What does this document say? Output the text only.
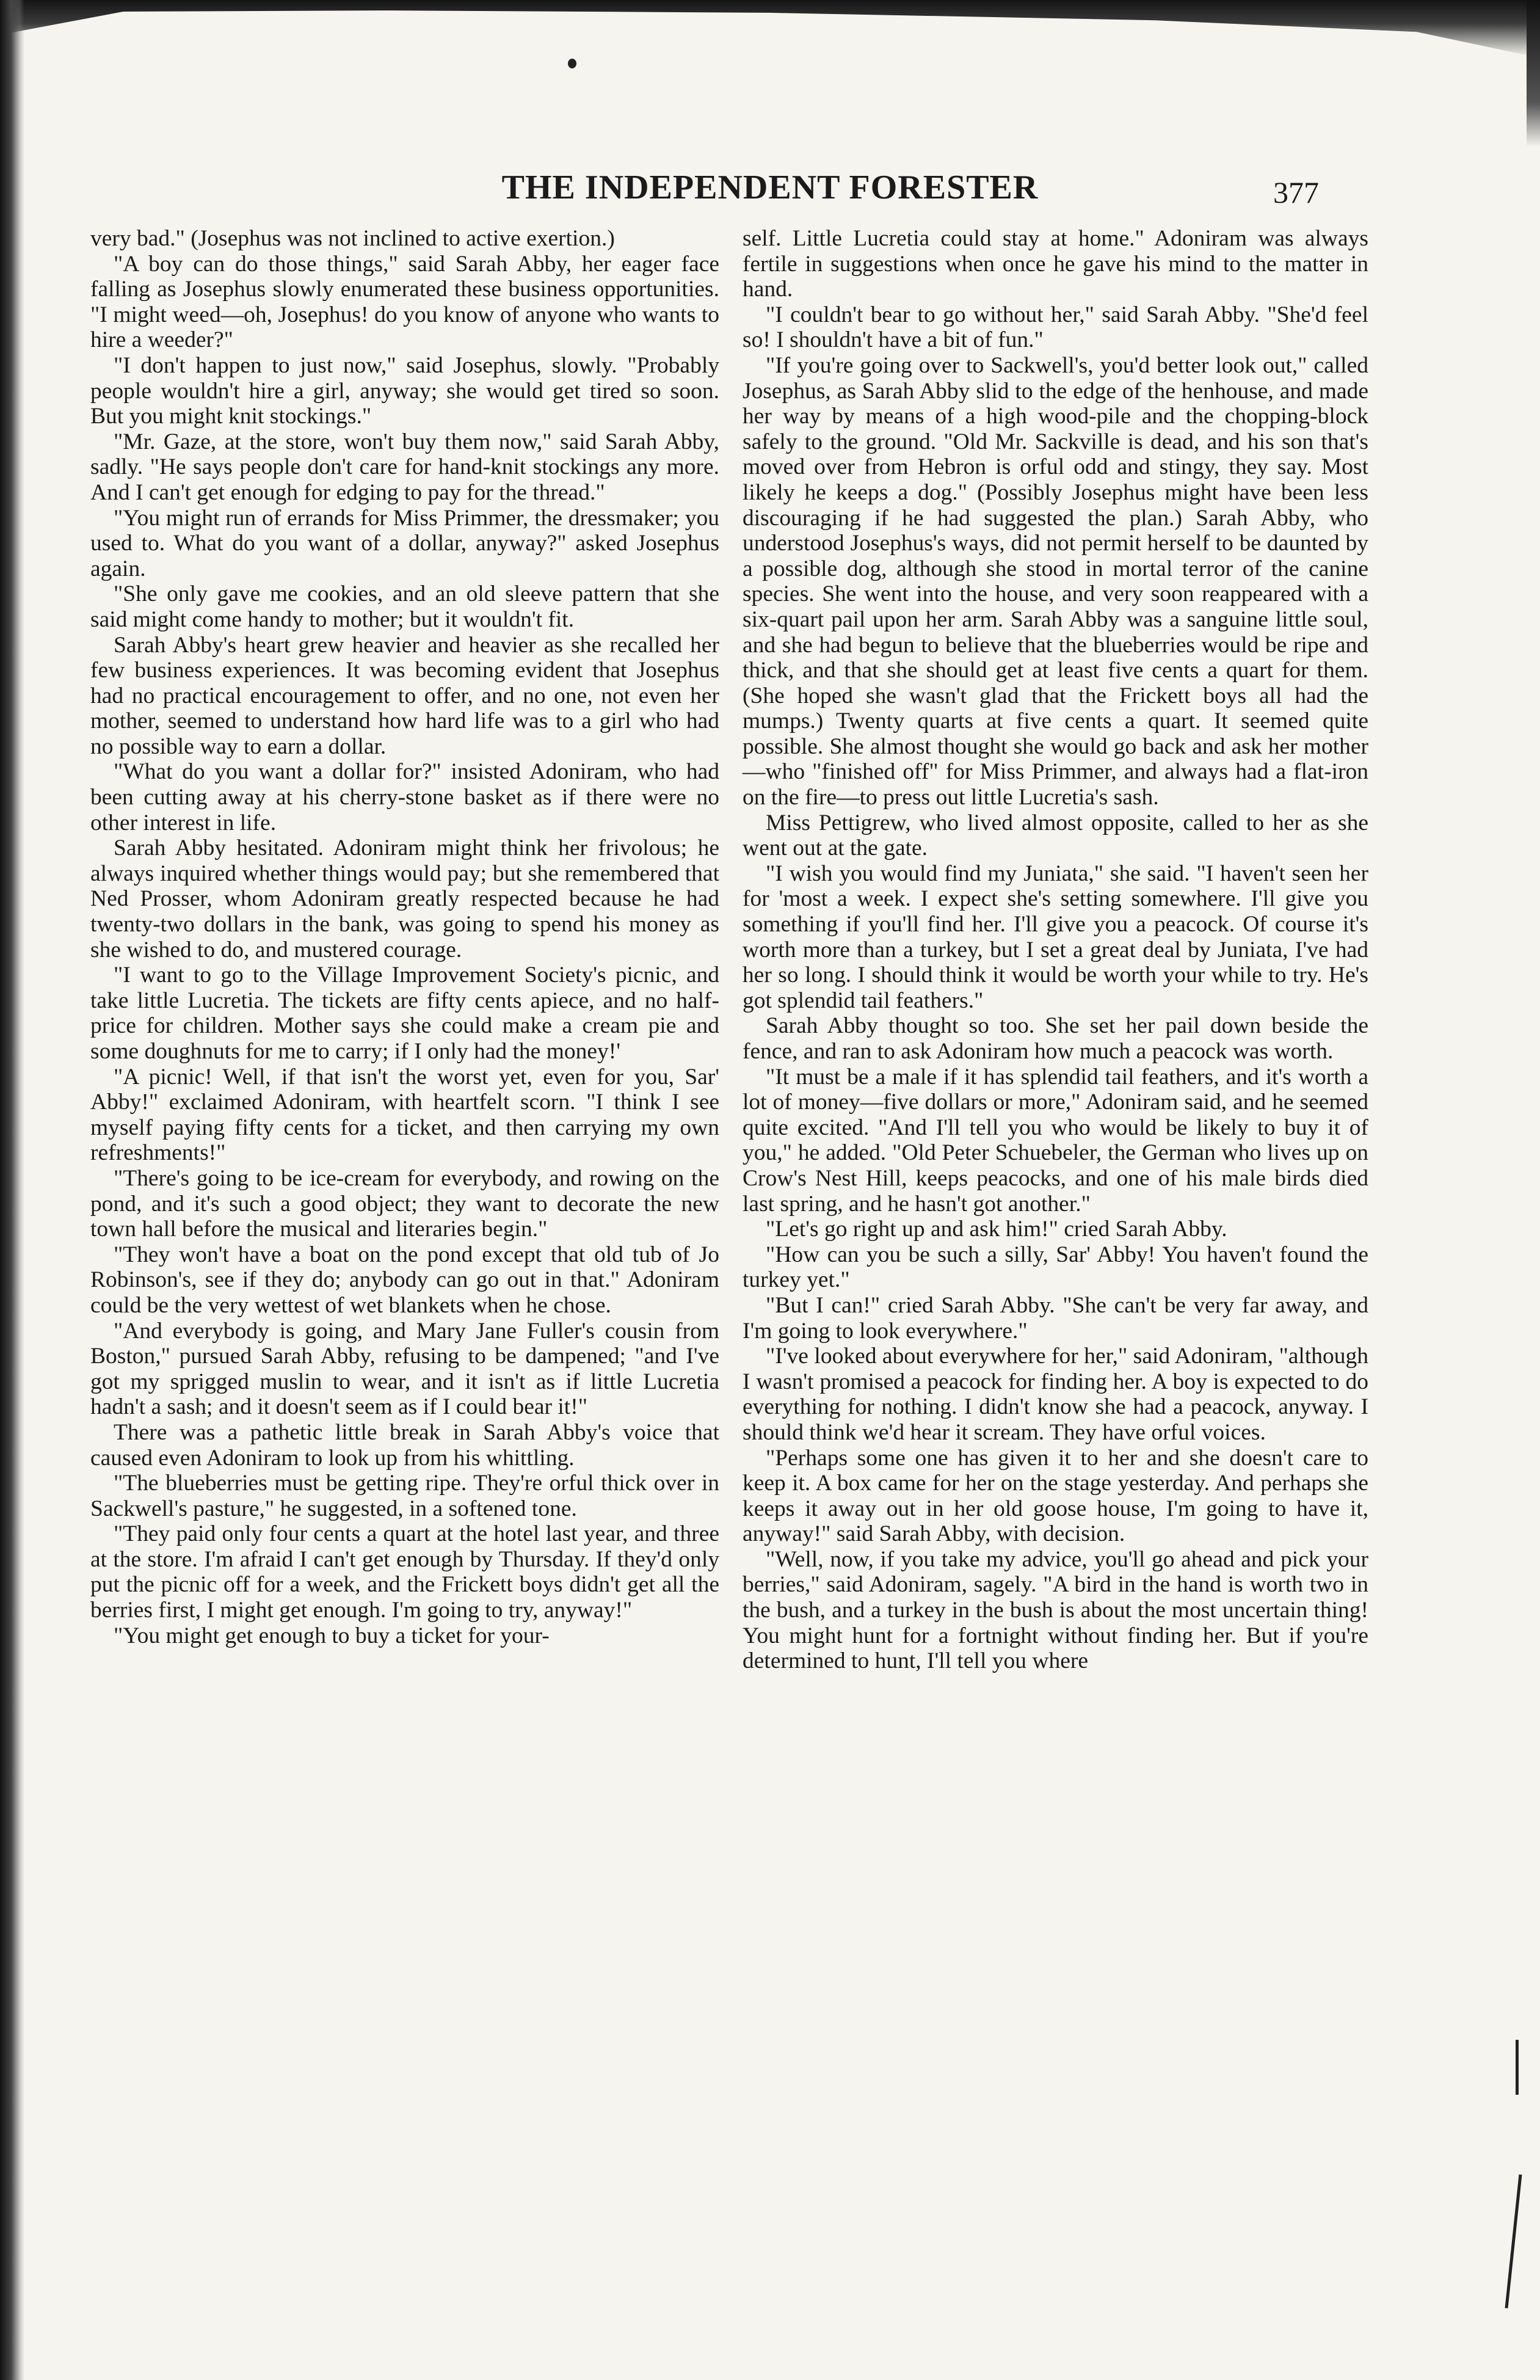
THE INDEPENDENT FORESTER	377

very bad." (Josephus was not inclined to active exertion.)

"A boy can do those things," said Sarah Abby, her eager face falling as Josephus slowly enumerated these business opportunities. "I might weed—oh, Josephus! do you know of anyone who wants to hire a weeder?"

"I don't happen to just now," said Josephus, slowly. "Probably people wouldn't hire a girl, anyway; she would get tired so soon. But you might knit stockings."

"Mr. Gaze, at the store, won't buy them now," said Sarah Abby, sadly. "He says people don't care for hand-knit stockings any more. And I can't get enough for edging to pay for the thread."

"You might run of errands for Miss Primmer, the dressmaker; you used to. What do you want of a dollar, anyway?" asked Josephus again.

"She only gave me cookies, and an old sleeve pattern that she said might come handy to mother; but it wouldn't fit.

Sarah Abby's heart grew heavier and heavier as she recalled her few business experiences. It was becoming evident that Josephus had no practical encouragement to offer, and no one, not even her mother, seemed to understand how hard life was to a girl who had no possible way to earn a dollar.

"What do you want a dollar for?" insisted Adoniram, who had been cutting away at his cherry-stone basket as if there were no other interest in life.

Sarah Abby hesitated. Adoniram might think her frivolous; he always inquired whether things would pay; but she remembered that Ned Prosser, whom Adoniram greatly respected because he had twenty-two dollars in the bank, was going to spend his money as she wished to do, and mustered courage.

"I want to go to the Village Improvement Society's picnic, and take little Lucretia. The tickets are fifty cents apiece, and no half-price for children. Mother says she could make a cream pie and some doughnuts for me to carry; if I only had the money!'

"A picnic! Well, if that isn't the worst yet, even for you, Sar' Abby!" exclaimed Adoniram, with heartfelt scorn. "I think I see myself paying fifty cents for a ticket, and then carrying my own refreshments!"

"There's going to be ice-cream for everybody, and rowing on the pond, and it's such a good object; they want to decorate the new town hall before the musical and literaries begin."

"They won't have a boat on the pond except that old tub of Jo Robinson's, see if they do; anybody can go out in that." Adoniram could be the very wettest of wet blankets when he chose.

"And everybody is going, and Mary Jane Fuller's cousin from Boston," pursued Sarah Abby, refusing to be dampened; "and I've got my sprigged muslin to wear, and it isn't as if little Lucretia hadn't a sash; and it doesn't seem as if I could bear it!"

There was a pathetic little break in Sarah Abby's voice that caused even Adoniram to look up from his whittling.

"The blueberries must be getting ripe. They're orful thick over in Sackwell's pasture," he suggested, in a softened tone.

"They paid only four cents a quart at the hotel last year, and three at the store. I'm afraid I can't get enough by Thursday. If they'd only put the picnic off for a week, and the Frickett boys didn't get all the berries first, I might get enough. I'm going to try, anyway!"

"You might get enough to buy a ticket for your-

self. Little Lucretia could stay at home." Adoniram was always fertile in suggestions when once he gave his mind to the matter in hand.

"I couldn't bear to go without her," said Sarah Abby. "She'd feel so! I shouldn't have a bit of fun."

"If you're going over to Sackwell's, you'd better look out," called Josephus, as Sarah Abby slid to the edge of the henhouse, and made her way by means of a high wood-pile and the chopping-block safely to the ground. "Old Mr. Sackville is dead, and his son that's moved over from Hebron is orful odd and stingy, they say. Most likely he keeps a dog." (Possibly Josephus might have been less discouraging if he had suggested the plan.) Sarah Abby, who understood Josephus's ways, did not permit herself to be daunted by a possible dog, although she stood in mortal terror of the canine species. She went into the house, and very soon reappeared with a six-quart pail upon her arm. Sarah Abby was a sanguine little soul, and she had begun to believe that the blueberries would be ripe and thick, and that she should get at least five cents a quart for them. (She hoped she wasn't glad that the Frickett boys all had the mumps.) Twenty quarts at five cents a quart. It seemed quite possible. She almost thought she would go back and ask her mother—who "finished off" for Miss Primmer, and always had a flat-iron on the fire—to press out little Lucretia's sash.

Miss Pettigrew, who lived almost opposite, called to her as she went out at the gate.

"I wish you would find my Juniata," she said. "I haven't seen her for 'most a week. I expect she's setting somewhere. I'll give you something if you'll find her. I'll give you a peacock. Of course it's worth more than a turkey, but I set a great deal by Juniata, I've had her so long. I should think it would be worth your while to try. He's got splendid tail feathers."

Sarah Abby thought so too. She set her pail down beside the fence, and ran to ask Adoniram how much a peacock was worth.

"It must be a male if it has splendid tail feathers, and it's worth a lot of money—five dollars or more," Adoniram said, and he seemed quite excited. "And I'll tell you who would be likely to buy it of you," he added. "Old Peter Schuebeler, the German who lives up on Crow's Nest Hill, keeps peacocks, and one of his male birds died last spring, and he hasn't got another."

"Let's go right up and ask him!" cried Sarah Abby.

"How can you be such a silly, Sar' Abby! You haven't found the turkey yet."

"But I can!" cried Sarah Abby. "She can't be very far away, and I'm going to look everywhere."

"I've looked about everywhere for her," said Adoniram, "although I wasn't promised a peacock for finding her. A boy is expected to do everything for nothing. I didn't know she had a peacock, anyway. I should think we'd hear it scream. They have orful voices.

"Perhaps some one has given it to her and she doesn't care to keep it. A box came for her on the stage yesterday. And perhaps she keeps it away out in her old goose house, I'm going to have it, anyway!" said Sarah Abby, with decision.

"Well, now, if you take my advice, you'll go ahead and pick your berries," said Adoniram, sagely. "A bird in the hand is worth two in the bush, and a turkey in the bush is about the most uncertain thing! You might hunt for a fortnight without finding her. But if you're determined to hunt, I'll tell you where
